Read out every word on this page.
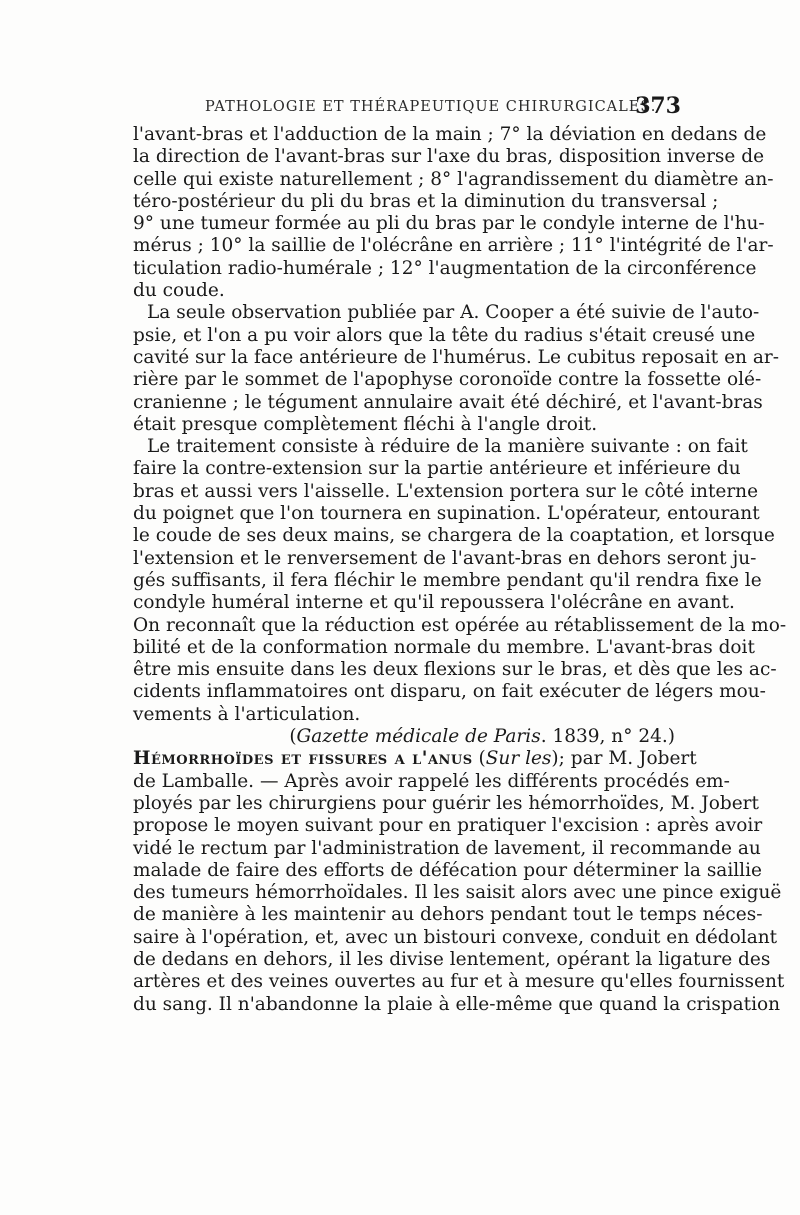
PATHOLOGIE ET THÉRAPEUTIQUE CHIRURGICALES.
373

l'avant-bras et l'adduction de la main ; 7° la déviation en dedans de
la direction de l'avant-bras sur l'axe du bras, disposition inverse de
celle qui existe naturellement ; 8° l'agrandissement du diamètre an-
téro-postérieur du pli du bras et la diminution du transversal ;
9° une tumeur formée au pli du bras par le condyle interne de l'hu-
mérus ; 10° la saillie de l'olécrâne en arrière ; 11° l'intégrité de l'ar-
ticulation radio-humérale ; 12° l'augmentation de la circonférence
du coude.

La seule observation publiée par A. Cooper a été suivie de l'auto-
psie, et l'on a pu voir alors que la tête du radius s'était creusé une
cavité sur la face antérieure de l'humérus. Le cubitus reposait en ar-
rière par le sommet de l'apophyse coronoïde contre la fossette olé-
cranienne ; le tégument annulaire avait été déchiré, et l'avant-bras
était presque complètement fléchi à l'angle droit.

Le traitement consiste à réduire de la manière suivante : on fait
faire la contre-extension sur la partie antérieure et inférieure du
bras et aussi vers l'aisselle. L'extension portera sur le côté interne
du poignet que l'on tournera en supination. L'opérateur, entourant
le coude de ses deux mains, se chargera de la coaptation, et lorsque
l'extension et le renversement de l'avant-bras en dehors seront ju-
gés suffisants, il fera fléchir le membre pendant qu'il rendra fixe le
condyle huméral interne et qu'il repoussera l'olécrâne en avant.
On reconnaît que la réduction est opérée au rétablissement de la mo-
bilité et de la conformation normale du membre. L'avant-bras doit
être mis ensuite dans les deux flexions sur le bras, et dès que les ac-
cidents inflammatoires ont disparu, on fait exécuter de légers mou-
vements à l'articulation.

(Gazette médicale de Paris. 1839, n° 24.)

Hémorrhoïdes et fissures a l'anus (Sur les); par M. Jobert
de Lamballe. — Après avoir rappelé les différents procédés em-
ployés par les chirurgiens pour guérir les hémorrhoïdes, M. Jobert
propose le moyen suivant pour en pratiquer l'excision : après avoir
vidé le rectum par l'administration de lavement, il recommande au
malade de faire des efforts de défécation pour déterminer la saillie
des tumeurs hémorrhoïdales. Il les saisit alors avec une pince exiguë
de manière à les maintenir au dehors pendant tout le temps néces-
saire à l'opération, et, avec un bistouri convexe, conduit en dédolant
de dedans en dehors, il les divise lentement, opérant la ligature des
artères et des veines ouvertes au fur et à mesure qu'elles fournissent
du sang. Il n'abandonne la plaie à elle-même que quand la crispation
